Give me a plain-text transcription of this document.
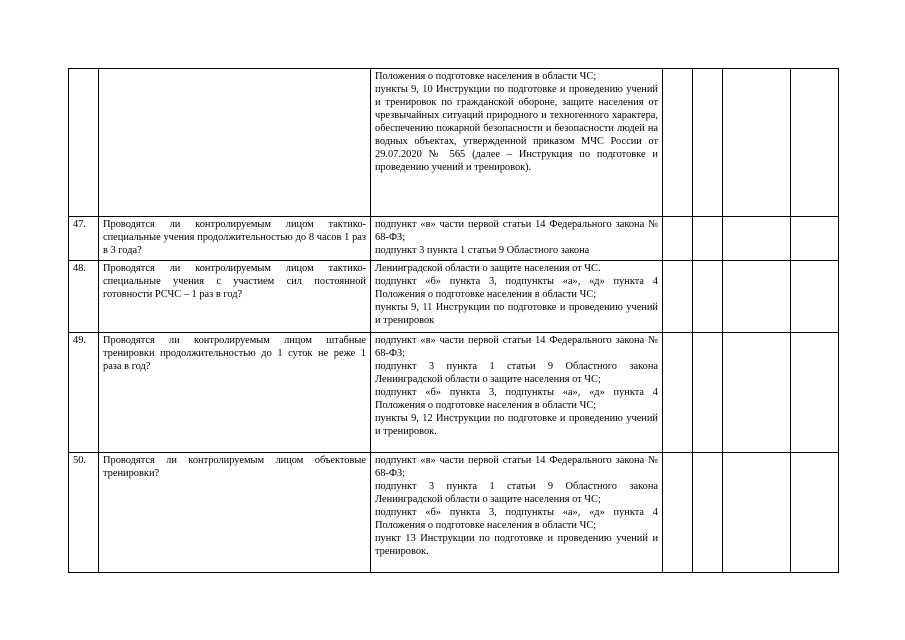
		Положения о подготовке населения в области ЧС;
пункты 9, 10 Инструкции по подготовке и проведению учений и тренировок по гражданской обороне, защите населения от чрезвычайных ситуаций природного и техногенного характера, обеспечению пожарной безопасности и безопасности людей на водных объектах, утвержденной приказом МЧС России от 29.07.2020 № 565 (далее – Инструкция по подготовке и проведению учений и тренировок).				

47.	Проводятся ли контролируемым лицом тактико-специальные учения продолжительностью до 8 часов 1 раз в 3 года?	подпункт «в» части первой статьи 14 Федерального закона № 68-ФЗ;
подпункт 3 пункта 1 статьи 9 Областного закона				

48.	Проводятся ли контролируемым лицом тактико-специальные учения с участием сил постоянной готовности РСЧС – 1 раз в год?	Ленинградской области о защите населения от ЧС.
подпункт «б» пункта 3, подпункты «а», «д» пункта 4 Положения о подготовке населения в области ЧС;
пункты 9, 11 Инструкции по подготовке и проведению учений и тренировок				

49.	Проводятся ли контролируемым лицом штабные тренировки продолжительностью до 1 суток не реже 1 раза в год?	подпункт «в» части первой статьи 14 Федерального закона № 68-ФЗ;
подпункт 3 пункта 1 статьи 9 Областного закона Ленинградской области о защите населения от ЧС;
подпункт «б» пункта 3, подпункты «а», «д» пункта 4 Положения о подготовке населения в области ЧС;
пункты 9, 12 Инструкции по подготовке и проведению учений и тренировок.				

50.	Проводятся ли контролируемым лицом объектовые тренировки?	подпункт «в» части первой статьи 14 Федерального закона № 68-ФЗ;
подпункт 3 пункта 1 статьи 9 Областного закона Ленинградской области о защите населения от ЧС;
подпункт «б» пункта 3, подпункты «а», «д» пункта 4 Положения о подготовке населения в области ЧС;
пункт 13 Инструкции по подготовке и проведению учений и тренировок.				
